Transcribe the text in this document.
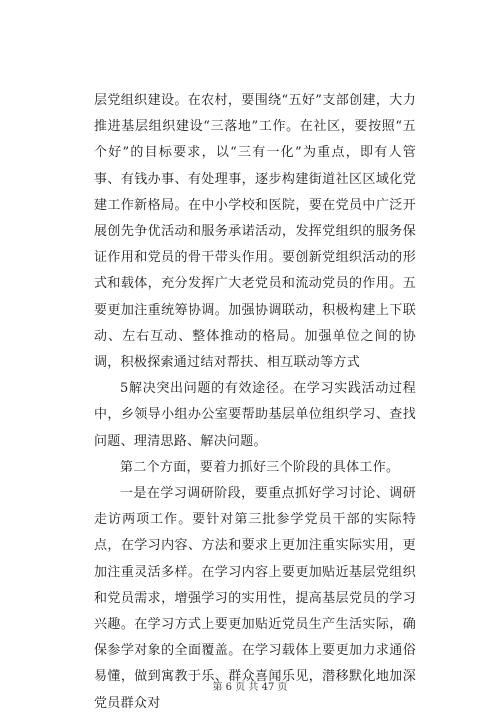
层党组织建设。在农村，要围绕“五好”支部创建，大力推进基层组织建设“三落地”工作。在社区，要按照“五个好”的目标要求，以“三有一化”为重点，即有人管事、有钱办事、有处理事，逐步构建街道社区区域化党建工作新格局。在中小学校和医院，要在党员中广泛开展创先争优活动和服务承诺活动，发挥党组织的服务保证作用和党员的骨干带头作用。要创新党组织活动的形式和载体，充分发挥广大老党员和流动党员的作用。五要更加注重统筹协调。加强协调联动，积极构建上下联动、左右互动、整体推动的格局。加强单位之间的协调，积极探索通过结对帮扶、相互联动等方式

5解决突出问题的有效途径。在学习实践活动过程中，乡领导小组办公室要帮助基层单位组织学习、查找问题、理清思路、解决问题。

第二个方面，要着力抓好三个阶段的具体工作。

一是在学习调研阶段，要重点抓好学习讨论、调研走访两项工作。要针对第三批参学党员干部的实际特点，在学习内容、方法和要求上更加注重实际实用，更加注重灵活多样。在学习内容上要更加贴近基层党组织和党员需求，增强学习的实用性，提高基层党员的学习兴趣。在学习方式上要更加贴近党员生产生活实际，确保参学对象的全面覆盖。在学习载体上要更加力求通俗易懂，做到寓教于乐、群众喜闻乐见，潜移默化地加深党员群众对

第 6 页 共 47 页
